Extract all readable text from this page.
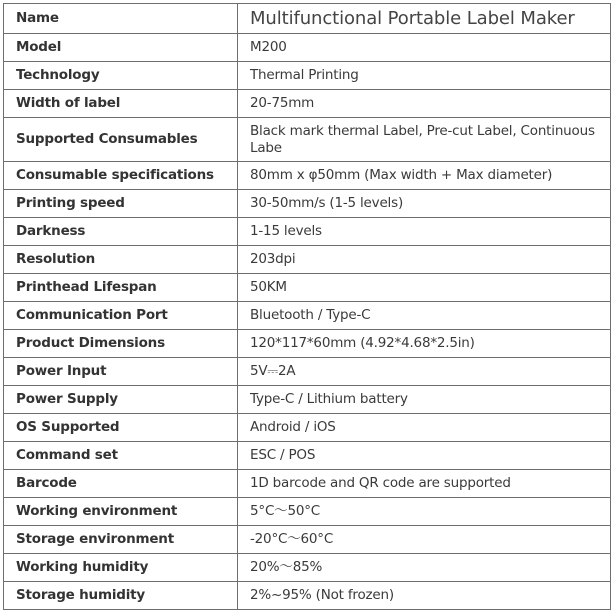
Name	Multifunctional Portable Label Maker
Model	M200
Technology	Thermal Printing
Width of label	20-75mm
Supported Consumables	Black mark thermal Label, Pre-cut Label, Continuous Labe
Consumable specifications	80mm x φ50mm (Max width + Max diameter)
Printing speed	30-50mm/s (1-5 levels)
Darkness	1-15 levels
Resolution	203dpi
Printhead Lifespan	50KM
Communication Port	Bluetooth / Type-C
Product Dimensions	120*117*60mm (4.92*4.68*2.5in)
Power Input	5V⎓2A
Power Supply	Type-C / Lithium battery
OS Supported	Android / iOS
Command set	ESC / POS
Barcode	1D barcode and QR code are supported
Working environment	5°C～50°C
Storage environment	-20°C～60°C
Working humidity	20%～85%
Storage humidity	2%~95% (Not frozen)
